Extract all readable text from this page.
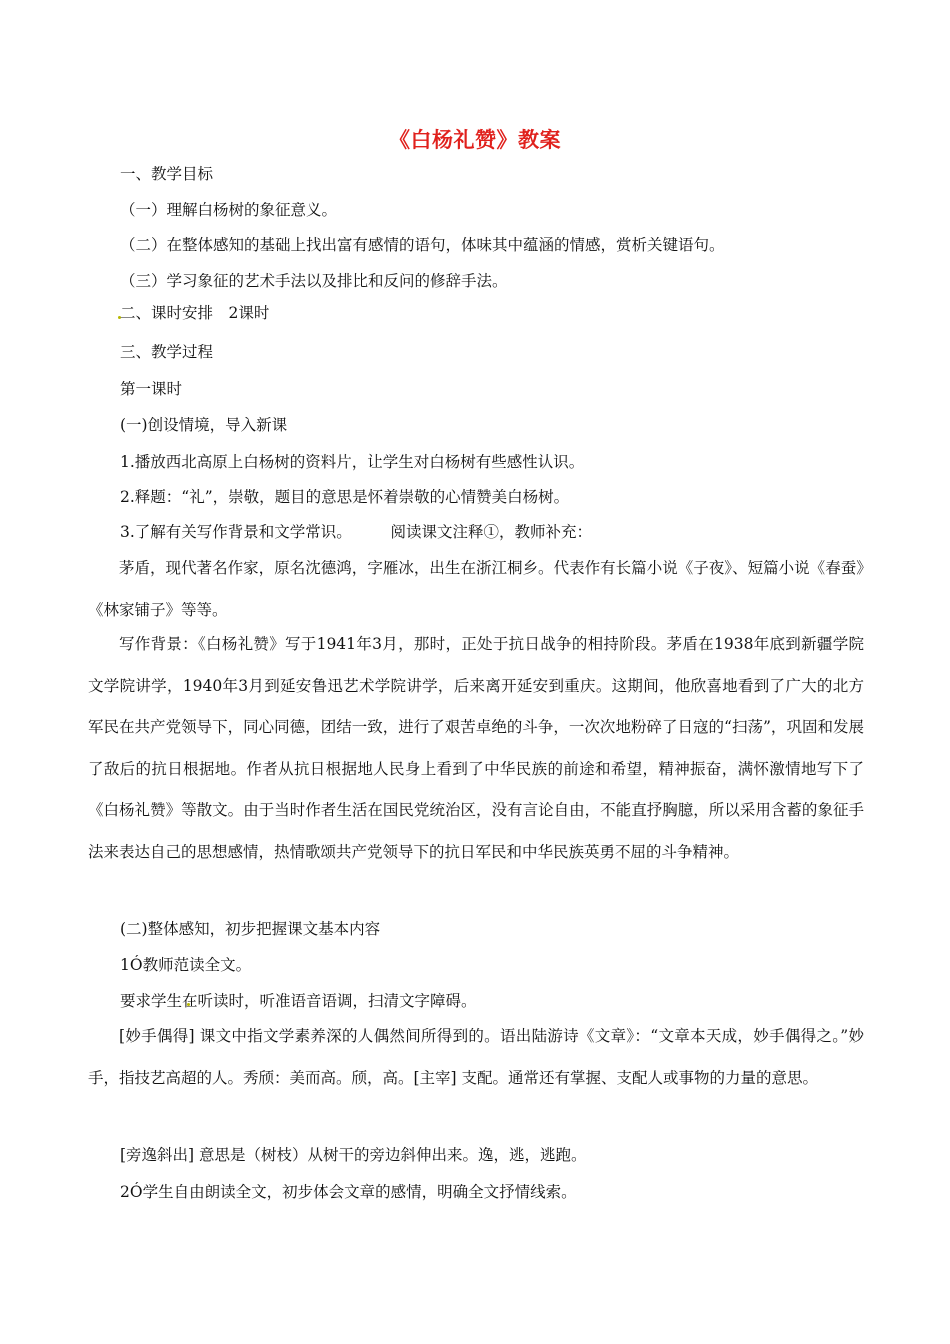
《白杨礼赞》教案
一、教学目标
（一）理解白杨树的象征意义。
（二）在整体感知的基础上找出富有感情的语句，体味其中蕴涵的情感，赏析关键语句。
（三）学习象征的艺术手法以及排比和反问的修辞手法。
二、课时安排　2课时
三、教学过程
第一课时
(一)创设情境，导入新课
1.播放西北高原上白杨树的资料片，让学生对白杨树有些感性认识。
2.释题：“礼”，崇敬，题目的意思是怀着崇敬的心情赞美白杨树。
3.了解有关写作背景和文学常识。　　　阅读课文注释①，教师补充：
茅盾，现代著名作家，原名沈德鸿，字雁冰，出生在浙江桐乡。代表作有长篇小说《子夜》、短篇小说《春蚕》《林家铺子》等等。
写作背景：《白杨礼赞》写于1941年3月，那时，正处于抗日战争的相持阶段。茅盾在1938年底到新疆学院文学院讲学，1940年3月到延安鲁迅艺术学院讲学，后来离开延安到重庆。这期间，他欣喜地看到了广大的北方军民在共产党领导下，同心同德，团结一致，进行了艰苦卓绝的斗争，一次次地粉碎了日寇的“扫荡”，巩固和发展了敌后的抗日根据地。作者从抗日根据地人民身上看到了中华民族的前途和希望，精神振奋，满怀激情地写下了《白杨礼赞》等散文。由于当时作者生活在国民党统治区，没有言论自由，不能直抒胸臆，所以采用含蓄的象征手法来表达自己的思想感情，热情歌颂共产党领导下的抗日军民和中华民族英勇不屈的斗争精神。
(二)整体感知，初步把握课文基本内容
1Ó教师范读全文。
要求学生在听读时，听准语音语调，扫清文字障碍。
[妙手偶得] 课文中指文学素养深的人偶然间所得到的。语出陆游诗《文章》：“文章本天成，妙手偶得之。”妙手，指技艺高超的人。秀颀：美而高。颀，高。[主宰] 支配。通常还有掌握、支配人或事物的力量的意思。
[旁逸斜出] 意思是（树枝）从树干的旁边斜伸出来。逸，逃，逃跑。
2Ó学生自由朗读全文，初步体会文章的感情，明确全文抒情线索。
